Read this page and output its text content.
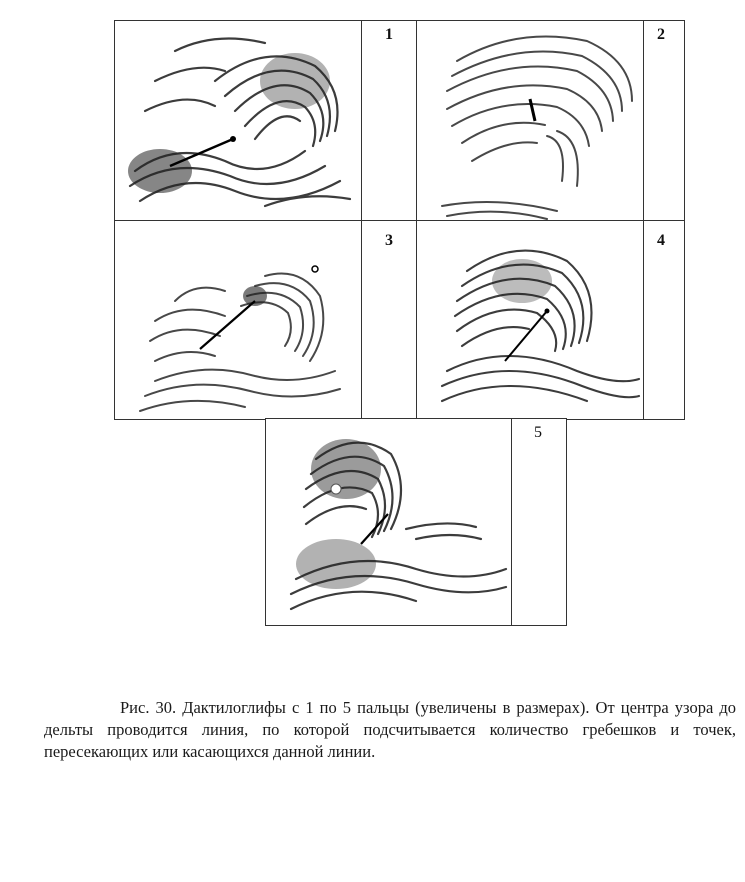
1	2
3	4
5
Рис. 30. Дактилоглифы с 1 по 5 пальцы (увеличены в размерах). От центра узора до дельты проводится линия, по которой подсчитывается количество гребешков и точек, пересекающих или касающихся данной линии.
